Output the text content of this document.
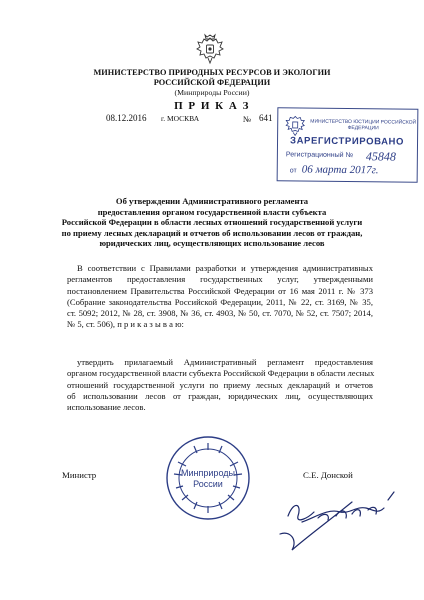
МИНИСТЕРСТВО ПРИРОДНЫХ РЕСУРСОВ И ЭКОЛОГИИ
РОССИЙСКОЙ ФЕДЕРАЦИИ
(Минприроды России)
П Р И К А З
08.12.2016 г. МОСКВА	№ 641	МИНИСТЕРСТВО ЮСТИЦИИ РОССИЙСКОЙ ФЕДЕРАЦИИ
ЗАРЕГИСТРИРОВАНО
Регистрационный № 45848
от 06 марта 2017г.
Об утверждении Административного регламента
предоставления органом государственной власти субъекта
Российской Федерации в области лесных отношений государственной услуги
по приему лесных деклараций и отчетов об использовании лесов от граждан,
юридических лиц, осуществляющих использование лесов
В соответствии с Правилами разработки и утверждения административных
регламентов предоставления государственных услуг, утвержденными
постановлением Правительства Российской Федерации от 16 мая 2011 г. № 373
(Собрание законодательства Российской Федерации, 2011, № 22, ст. 3169, № 35,
ст. 5092; 2012, № 28, ст. 3908, № 36, ст. 4903, № 50, ст. 7070, № 52, ст. 7507; 2014,
№ 5, ст. 506), п р и к а з ы в а ю:
утвердить прилагаемый Административный регламент предоставления
органом государственной власти субъекта Российской Федерации в области лесных
отношений государственной услуги по приему лесных деклараций и отчетов
об использовании лесов от граждан, юридических лиц, осуществляющих
использование лесов.
Министр	Минприроды
России
С.Е. Донской
